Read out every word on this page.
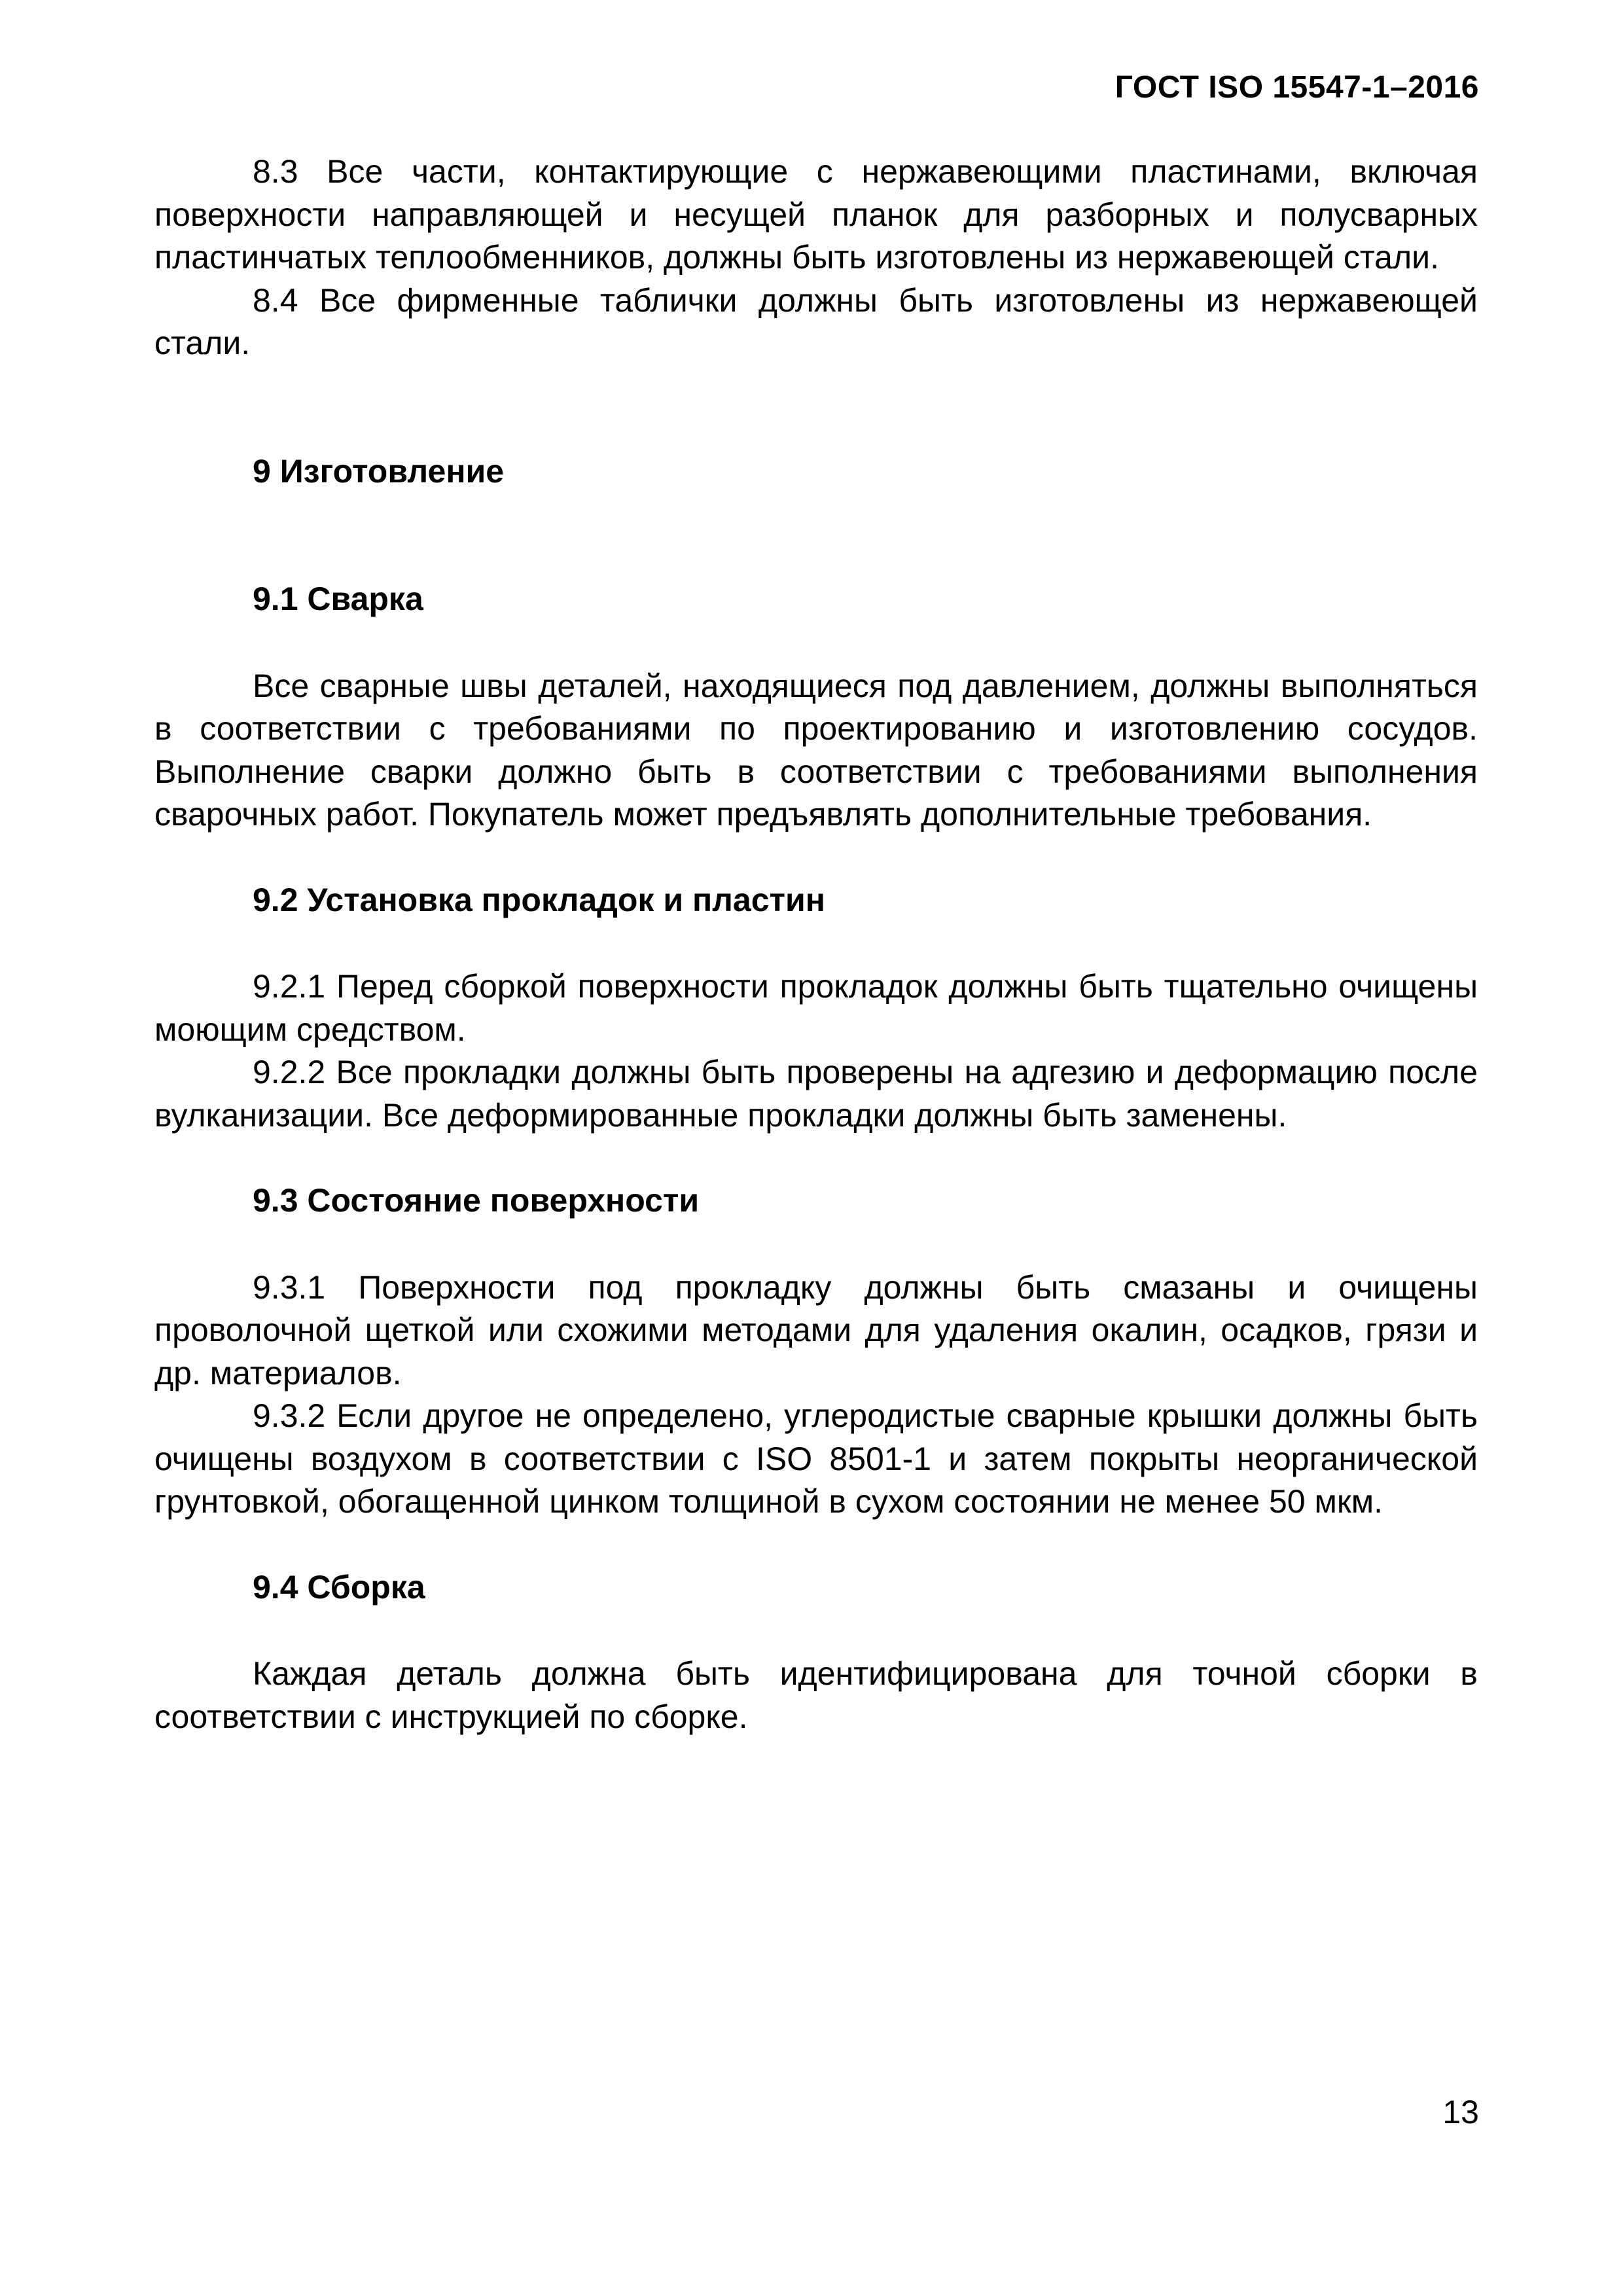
ГОСТ ISO 15547-1–2016

8.3 Все части, контактирующие с нержавеющими пластинами, включая поверхности направляющей и несущей планок для разборных и полусварных пластинчатых теплообменников, должны быть изготовлены из нержавеющей стали.

8.4 Все фирменные таблички должны быть изготовлены из нержавеющей стали.

9 Изготовление

9.1 Сварка

Все сварные швы деталей, находящиеся под давлением, должны выполняться в соответствии с требованиями по проектированию и изготовлению сосудов. Выполнение сварки должно быть в соответствии с требованиями выполнения сварочных работ. Покупатель может предъявлять дополнительные требования.

9.2 Установка прокладок и пластин

9.2.1 Перед сборкой поверхности прокладок должны быть тщательно очищены моющим средством.

9.2.2 Все прокладки должны быть проверены на адгезию и деформацию после вулканизации. Все деформированные прокладки должны быть заменены.

9.3 Состояние поверхности

9.3.1 Поверхности под прокладку должны быть смазаны и очищены проволочной щеткой или схожими методами для удаления окалин, осадков, грязи и др. материалов.

9.3.2 Если другое не определено, углеродистые сварные крышки должны быть очищены воздухом в соответствии с ISO 8501-1 и затем покрыты неорганической грунтовкой, обогащенной цинком толщиной в сухом состоянии не менее 50 мкм.

9.4 Сборка

Каждая деталь должна быть идентифицирована для точной сборки в соответствии с инструкцией по сборке.

13
